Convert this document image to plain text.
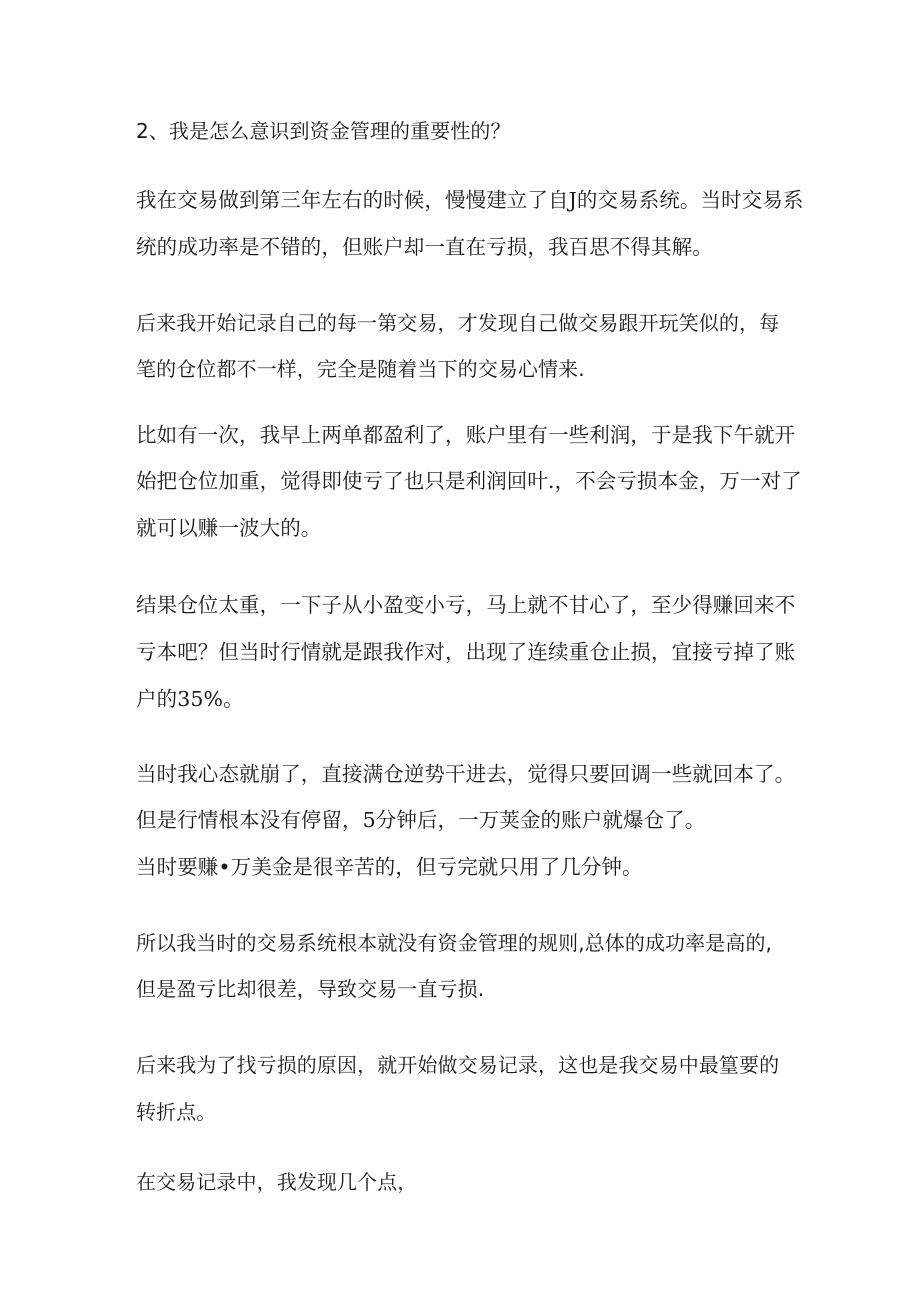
2、我是怎么意识到资金管理的重要性的？
我在交易做到第三年左右的时候，慢慢建立了自J的交易系统。当时交易系
统的成功率是不错的，但账户却一直在亏损，我百思不得其解。
后来我开始记录自己的每一第交易，才发现自己做交易跟开玩笑似的，每
笔的仓位都不一样，完全是随着当下的交易心情来.
比如有一次，我早上两单都盈利了，账户里有一些利润，于是我下午就开
始把仓位加重，觉得即使亏了也只是利润回叶.，不会亏损本金，万一对了
就可以赚一波大的。
结果仓位太重，一下子从小盈变小亏，马上就不甘心了，至少得赚回来不
亏本吧？但当时行情就是跟我作对，出现了连续重仓止损，宜接亏掉了账
户的35%。
当时我心态就崩了，直接满仓逆势干进去，觉得只要回调一些就回本了。
但是行情根本没有停留，5分钟后，一万荚金的账户就爆仓了。
当时要赚•万美金是很辛苦的，但亏完就只用了几分钟。
所以我当时的交易系统根本就没有资金管理的规则,总体的成功率是高的,
但是盈亏比却很差，导致交易一直亏损.
后来我为了找亏损的原因，就开始做交易记录，这也是我交易中最篁要的
转折点。
在交易记录中，我发现几个点，
